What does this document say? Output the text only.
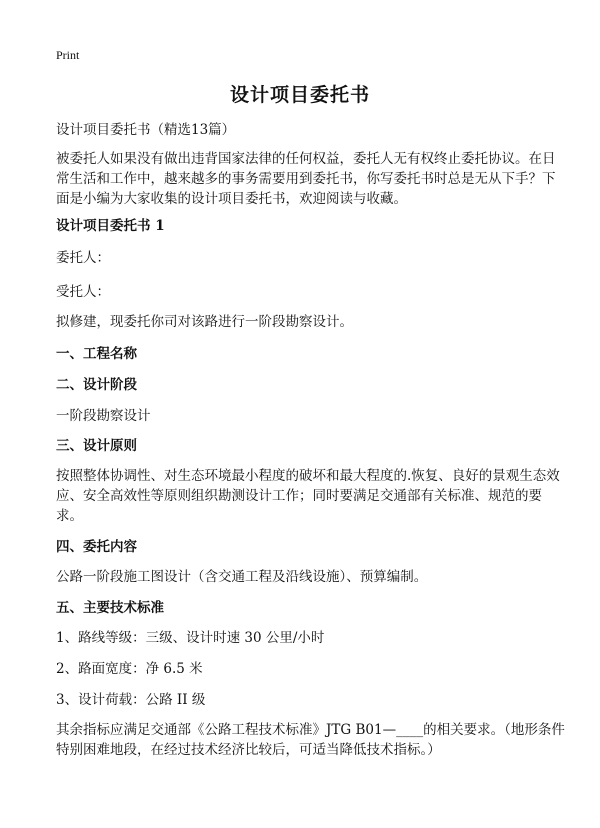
Print
设计项目委托书
设计项目委托书（精选13篇）
被委托人如果没有做出违背国家法律的任何权益，委托人无有权终止委托协议。在日常生活和工作中，越来越多的事务需要用到委托书，你写委托书时总是无从下手？下面是小编为大家收集的设计项目委托书，欢迎阅读与收藏。
设计项目委托书 1
委托人：
受托人：
拟修建，现委托你司对该路进行一阶段勘察设计。
一、工程名称
二、设计阶段
一阶段勘察设计
三、设计原则
按照整体协调性、对生态环境最小程度的破坏和最大程度的.恢复、良好的景观生态效应、安全高效性等原则组织勘测设计工作；同时要满足交通部有关标准、规范的要求。
四、委托内容
公路一阶段施工图设计（含交通工程及沿线设施）、预算编制。
五、主要技术标准
1、路线等级：三级、设计时速 30 公里/小时
2、路面宽度：净 6.5 米
3、设计荷载：公路 II 级
其余指标应满足交通部《公路工程技术标准》JTG B01—____的相关要求。（地形条件特别困难地段，在经过技术经济比较后，可适当降低技术指标。）
